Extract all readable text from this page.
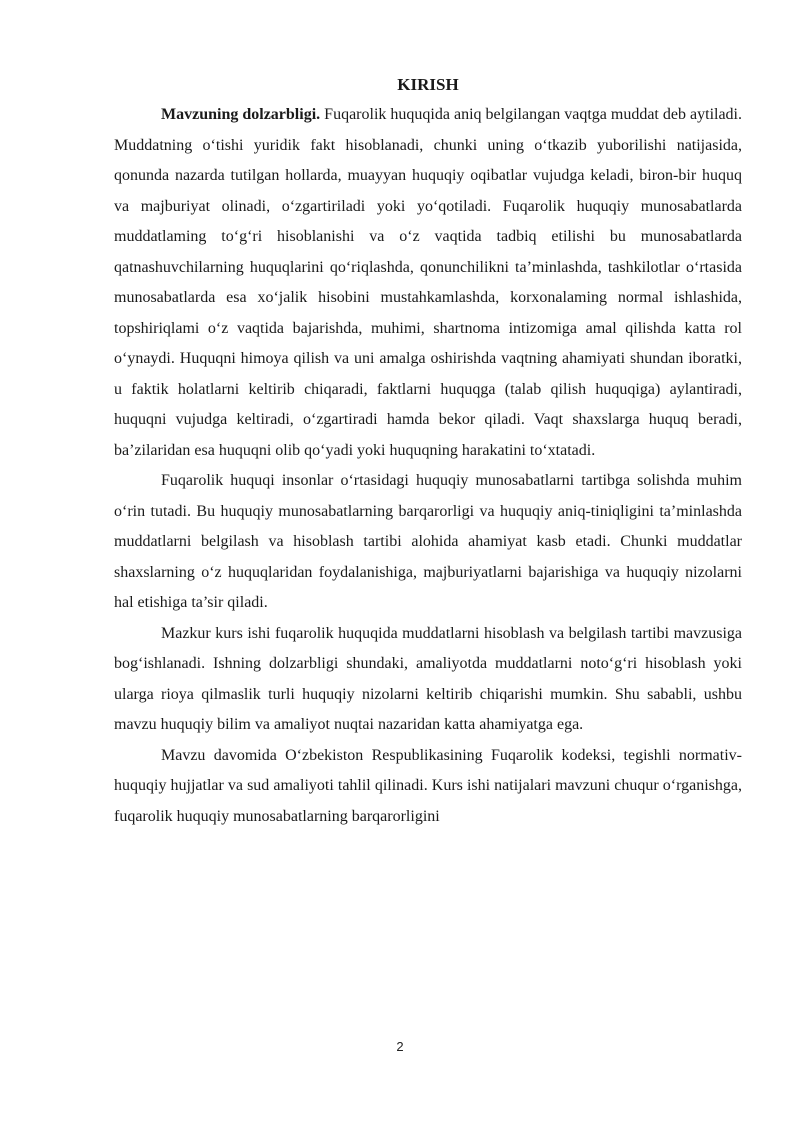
KIRISH

Mavzuning dolzarbligi. Fuqarolik huquqida aniq belgilangan vaqtga muddat deb aytiladi. Muddatning o‘tishi yuridik fakt hisoblanadi, chunki uning o‘tkazib yuborilishi natijasida, qonunda nazarda tutilgan hollarda, muayyan huquqiy oqibatlar vujudga keladi, biron-bir huquq va majburiyat olinadi, o‘zgartiriladi yoki yo‘qotiladi. Fuqarolik huquqiy munosabatlarda muddatlaming to‘g‘ri hisoblanishi va o‘z vaqtida tadbiq etilishi bu munosabatlarda qatnashuvchilarning huquqlarini qo‘riqlashda, qonunchilikni ta’minlashda, tashkilotlar o‘rtasida munosabatlarda esa xo‘jalik hisobini mustahkamlashda, korxonalaming normal ishlashida, topshiriqlami o‘z vaqtida bajarishda, muhimi, shartnoma intizomiga amal qilishda katta rol o‘ynaydi. Huquqni himoya qilish va uni amalga oshirishda vaqtning ahamiyati shundan iboratki, u faktik holatlarni keltirib chiqaradi, faktlarni huquqga (talab qilish huquqiga) aylantiradi, huquqni vujudga keltiradi, o‘zgartiradi hamda bekor qiladi. Vaqt shaxslarga huquq beradi, ba’zilaridan esa huquqni olib qo‘yadi yoki huquqning harakatini to‘xtatadi.

Fuqarolik huquqi insonlar o‘rtasidagi huquqiy munosabatlarni tartibga solishda muhim o‘rin tutadi. Bu huquqiy munosabatlarning barqarorligi va huquqiy aniq-tiniqligini ta’minlashda muddatlarni belgilash va hisoblash tartibi alohida ahamiyat kasb etadi. Chunki muddatlar shaxslarning o‘z huquqlaridan foydalanishiga, majburiyatlarni bajarishiga va huquqiy nizolarni hal etishiga ta’sir qiladi.

Mazkur kurs ishi fuqarolik huquqida muddatlarni hisoblash va belgilash tartibi mavzusiga bog‘ishlanadi. Ishning dolzarbligi shundaki, amaliyotda muddatlarni noto‘g‘ri hisoblash yoki ularga rioya qilmaslik turli huquqiy nizolarni keltirib chiqarishi mumkin. Shu sababli, ushbu mavzu huquqiy bilim va amaliyot nuqtai nazaridan katta ahamiyatga ega.

Mavzu davomida O‘zbekiston Respublikasining Fuqarolik kodeksi, tegishli normativ-huquqiy hujjatlar va sud amaliyoti tahlil qilinadi. Kurs ishi natijalari mavzuni chuqur o‘rganishga, fuqarolik huquqiy munosabatlarning barqarorligini

2
